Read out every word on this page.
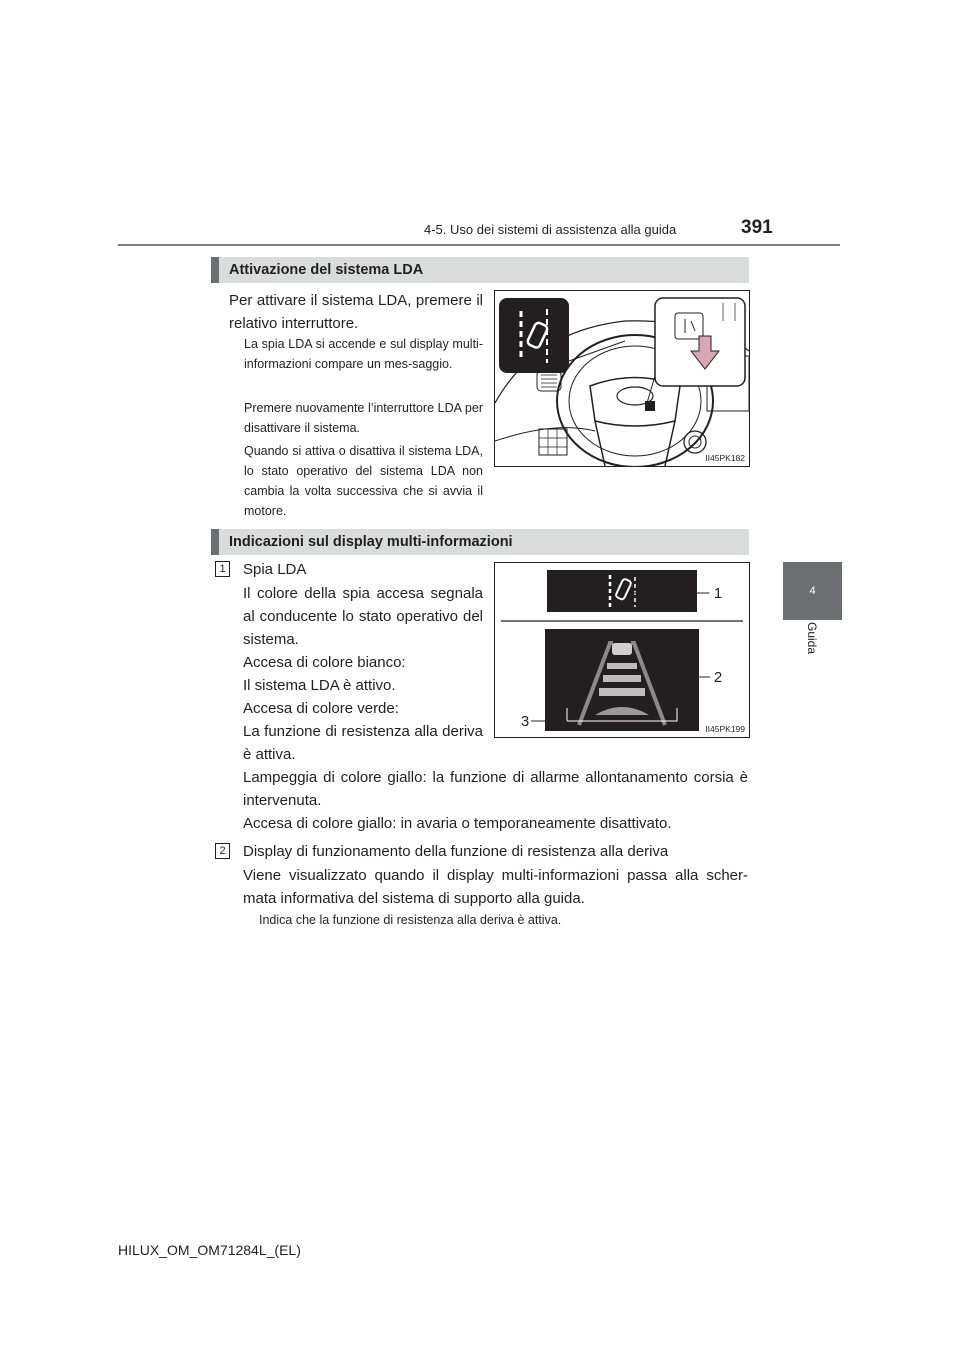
4-5. Uso dei sistemi di assistenza alla guida	391
4
Guida
Attivazione del sistema LDA
Per attivare il sistema LDA, premere il relativo interruttore.
La spia LDA si accende e sul display multi-informazioni compare un mes-saggio.
Premere nuovamente l’interruttore LDA per disattivare il sistema.
Quando si attiva o disattiva il sistema LDA, lo stato operativo del sistema LDA non cambia la volta successiva che si avvia il motore.
II45PK182
Indicazioni sul display multi-informazioni
1 Spia LDA
Il colore della spia accesa segnala al conducente lo stato operativo del sistema.
Accesa di colore bianco:
Il sistema LDA è attivo.
Accesa di colore verde:
La funzione di resistenza alla deriva è attiva.
Lampeggia di colore giallo: la funzione di allarme allontanamento corsia è intervenuta.
Accesa di colore giallo: in avaria o temporaneamente disattivato.
2 Display di funzionamento della funzione di resistenza alla deriva
Viene visualizzato quando il display multi-informazioni passa alla scher-mata informativa del sistema di supporto alla guida.
Indica che la funzione di resistenza alla deriva è attiva.
1
2
3	II45PK199
HILUX_OM_OM71284L_(EL)
